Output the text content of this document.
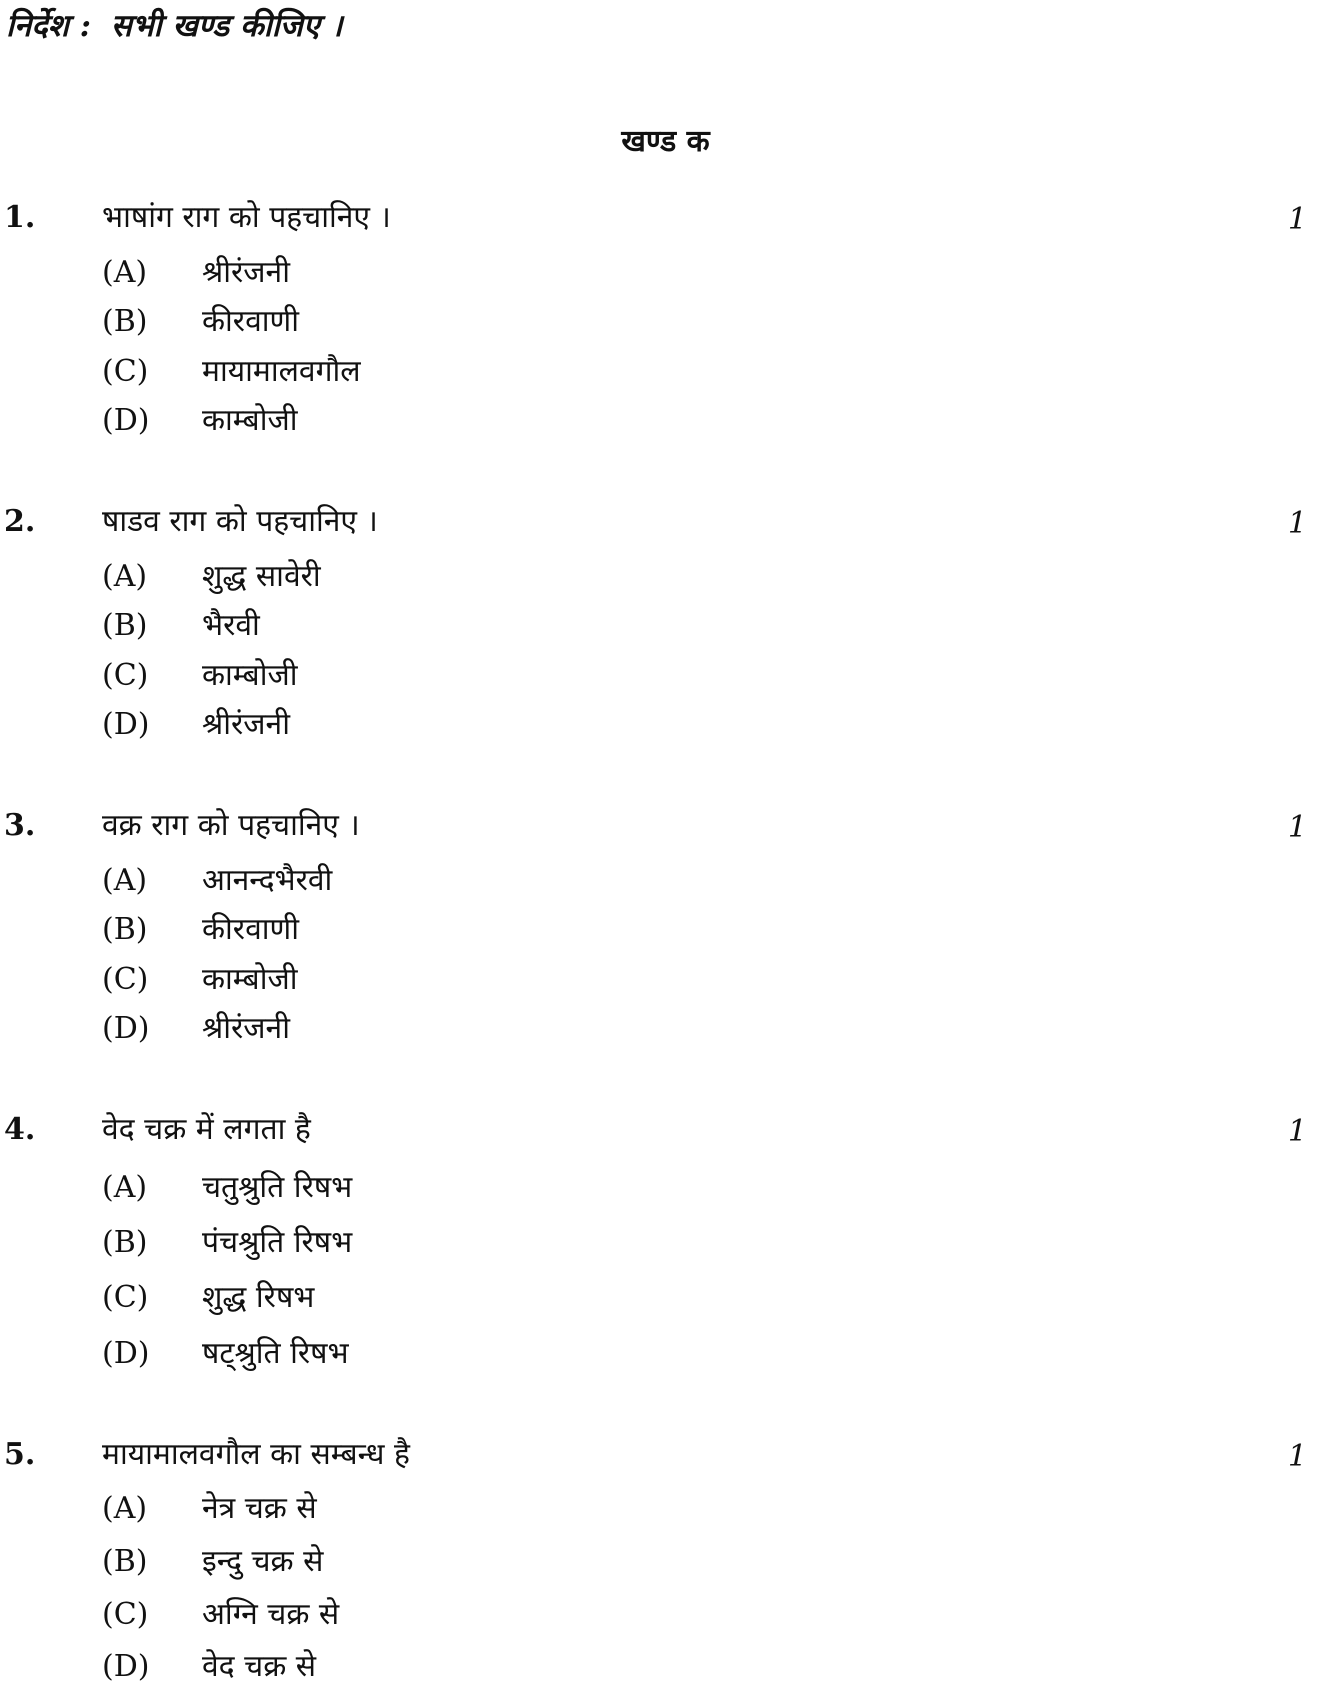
निर्देश : सभी खण्ड कीजिए ।
खण्ड क
1. भाषांग राग को पहचानिए ।	1
(A) श्रीरंजनी
(B) कीरवाणी
(C) मायामालवगौल
(D) काम्बोजी
2. षाडव राग को पहचानिए ।	1
(A) शुद्ध सावेरी
(B) भैरवी
(C) काम्बोजी
(D) श्रीरंजनी
3. वक्र राग को पहचानिए ।	1
(A) आनन्दभैरवी
(B) कीरवाणी
(C) काम्बोजी
(D) श्रीरंजनी
4. वेद चक्र में लगता है	1
(A) चतुश्रुति रिषभ
(B) पंचश्रुति रिषभ
(C) शुद्ध रिषभ
(D) षट्श्रुति रिषभ
5. मायामालवगौल का सम्बन्ध है	1
(A) नेत्र चक्र से
(B) इन्दु चक्र से
(C) अग्नि चक्र से
(D) वेद चक्र से
